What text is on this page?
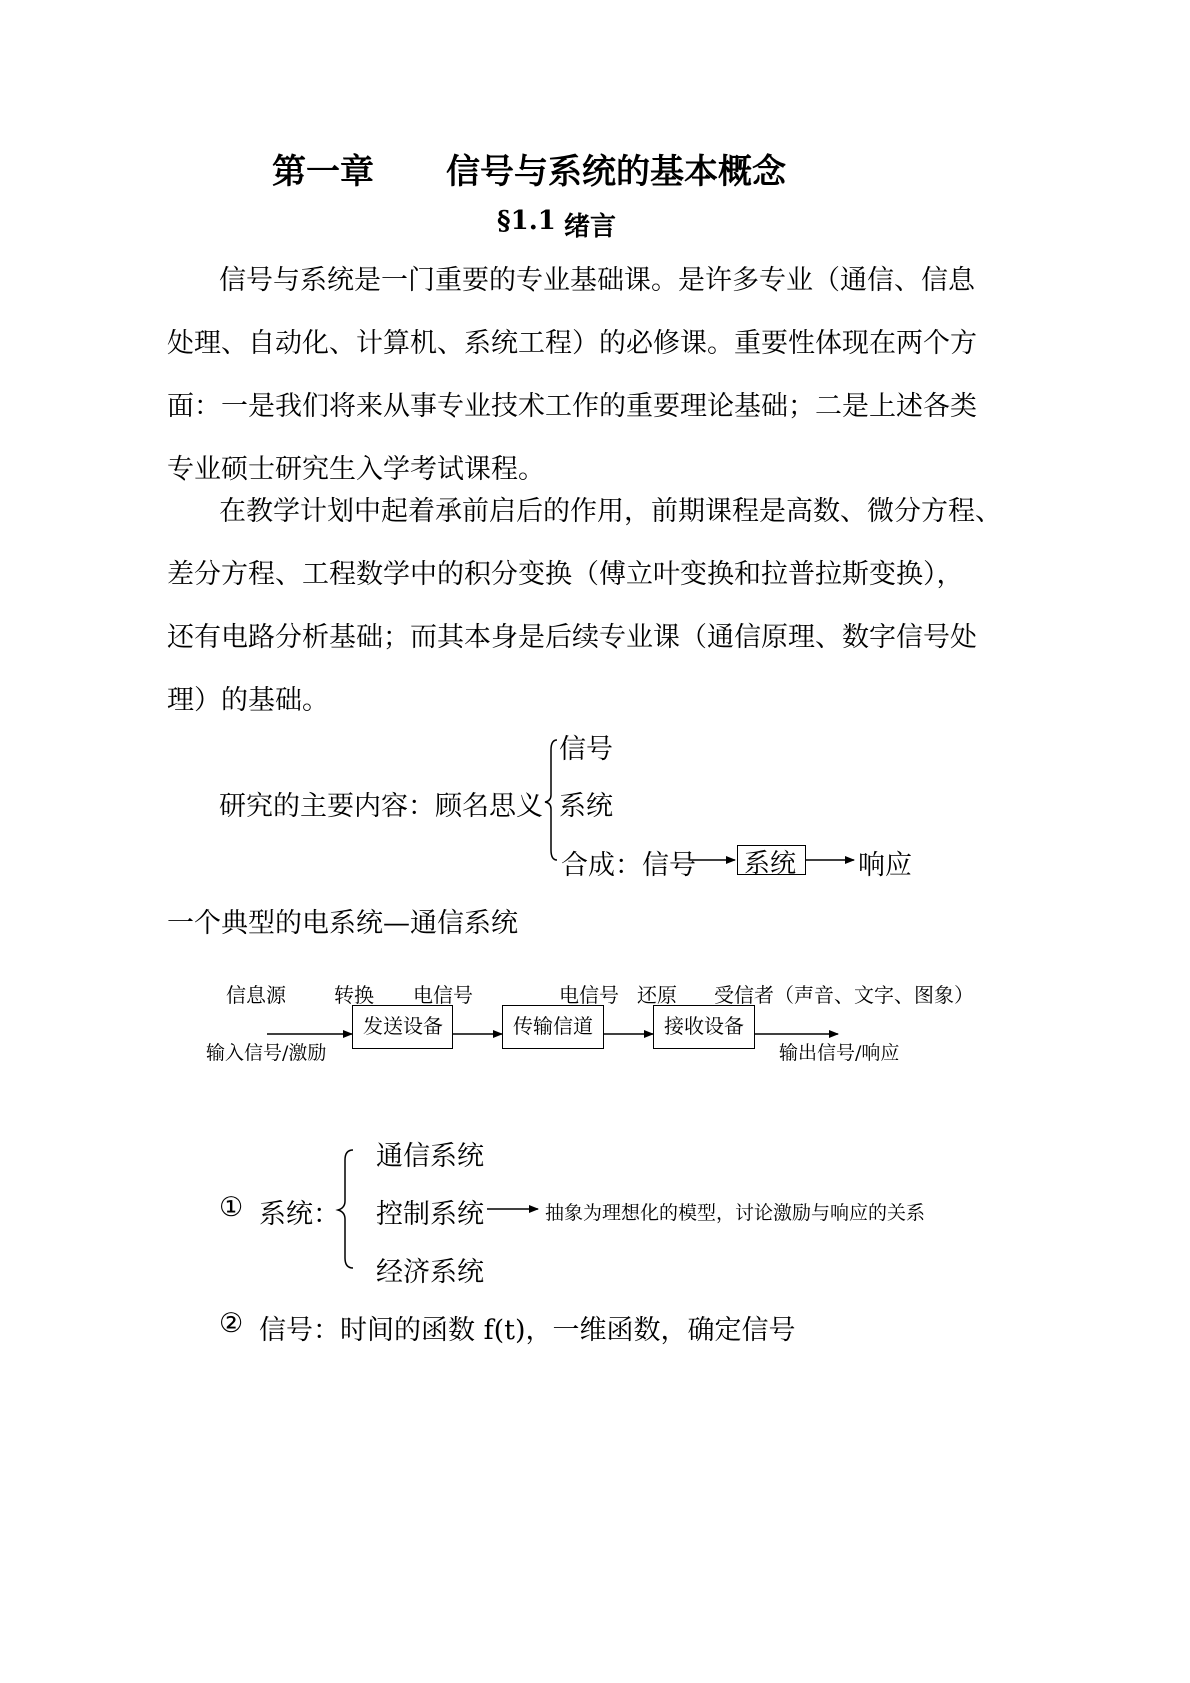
第一章 信号与系统的基本概念
§1.1 绪言
信号与系统是一门重要的专业基础课。是许多专业（通信、信息
处理、自动化、计算机、系统工程）的必修课。重要性体现在两个方
面：一是我们将来从事专业技术工作的重要理论基础；二是上述各类
专业硕士研究生入学考试课程。
在教学计划中起着承前启后的作用，前期课程是高数、微分方程、
差分方程、工程数学中的积分变换（傅立叶变换和拉普拉斯变换），
还有电路分析基础；而其本身是后续专业课（通信原理、数字信号处
理）的基础。
研究的主要内容：顾名思义
信号
系统
合成：信号 系统	响应
一个典型的电系统—通信系统
信息源 转换 电信号	电信号 还原 受信者（声音、文字、图象）
发送设备	传输信道	接收设备
输入信号/激励	输出信号/响应
① 系统：
通信系统
控制系统
经济系统
抽象为理想化的模型，讨论激励与响应的关系
② 信号：时间的函数 f(t)，一维函数，确定信号
